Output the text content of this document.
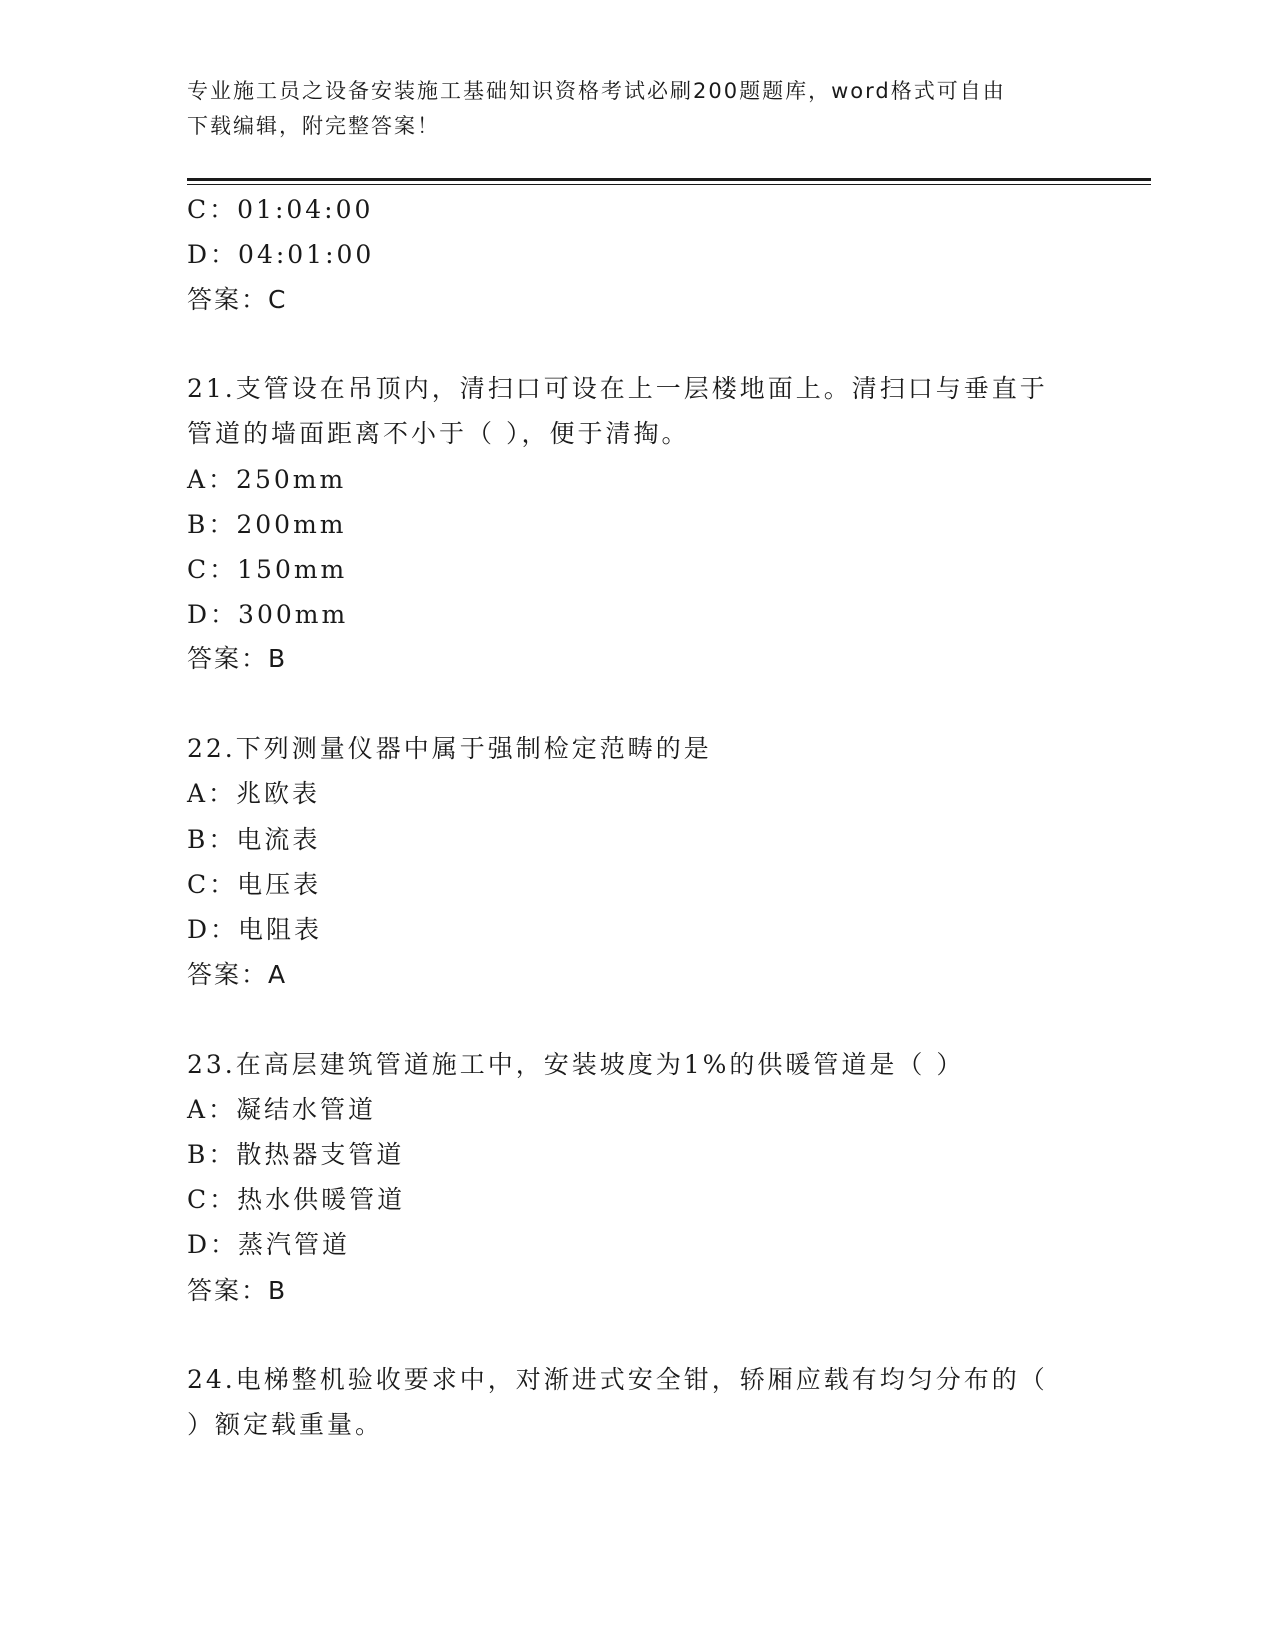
专业施工员之设备安装施工基础知识资格考试必刷200题题库，word格式可自由
下载编辑，附完整答案！
C：01:04:00
D：04:01:00
答案：C
21.支管设在吊顶内，清扫口可设在上一层楼地面上。清扫口与垂直于
管道的墙面距离不小于（ ），便于清掏。
A：250mm
B：200mm
C：150mm
D：300mm
答案：B
22.下列测量仪器中属于强制检定范畴的是
A：兆欧表
B：电流表
C：电压表
D：电阻表
答案：A
23.在高层建筑管道施工中，安装坡度为1%的供暖管道是（ ）
A：凝结水管道
B：散热器支管道
C：热水供暖管道
D：蒸汽管道
答案：B
24.电梯整机验收要求中，对渐进式安全钳，轿厢应载有均匀分布的（
）额定载重量。
